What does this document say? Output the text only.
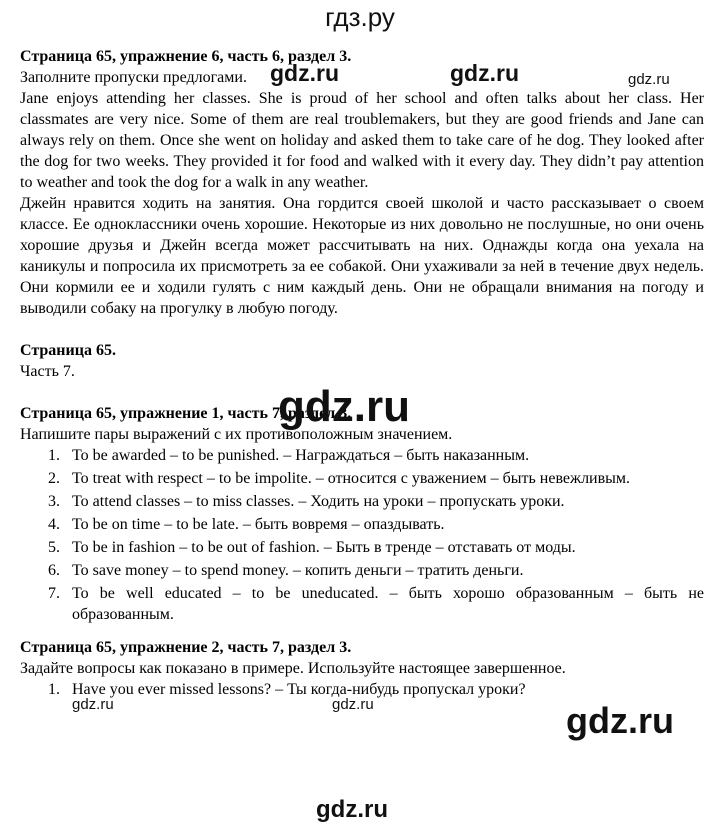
гдз.ру

Страница 65, упражнение 6, часть 6, раздел 3.

Заполните пропуски предлогами.

Jane enjoys attending her classes. She is proud of her school and often talks about her class. Her classmates are very nice. Some of them are real troublemakers, but they are good friends and Jane can always rely on them. Once she went on holiday and asked them to take care of he dog. They looked after the dog for two weeks. They provided it for food and walked with it every day. They didn’t pay attention to weather and took the dog for a walk in any weather.

Джейн нравится ходить на занятия. Она гордится своей школой и часто рассказывает о своем классе. Ее одноклассники очень хорошие. Некоторые из них довольно не послушные, но они очень хорошие друзья и Джейн всегда может рассчитывать на них. Однажды когда она уехала на каникулы и попросила их присмотреть за ее собакой. Они ухаживали за ней в течение двух недель. Они кормили ее и ходили гулять с ним каждый день. Они не обращали внимания на погоду и выводили собаку на прогулку в любую погоду.

Страница 65.

Часть 7.

Страница 65, упражнение 1, часть 7, раздел 3.

Напишите пары выражений с их противоположным значением.

1. To be awarded – to be punished. – Награждаться – быть наказанным.
2. To treat with respect – to be impolite. – относится с уважением – быть невежливым.
3. To attend classes – to miss classes. – Ходить на уроки – пропускать уроки.
4. To be on time – to be late. – быть вовремя – опаздывать.
5. To be in fashion – to be out of fashion. – Быть в тренде – отставать от моды.
6. To save money – to spend money. – копить деньги – тратить деньги.
7. To be well educated – to be uneducated. – быть хорошо образованным – быть не образованным.

Страница 65, упражнение 2, часть 7, раздел 3.

Задайте вопросы как показано в примере. Используйте настоящее завершенное.

1. Have you ever missed lessons? – Ты когда-нибудь пропускал уроки?
gdz.ru	gdz.ru	gdz.ru
gdz.ru
gdz.ru	gdz.ru	gdz.ru
gdz.ru
